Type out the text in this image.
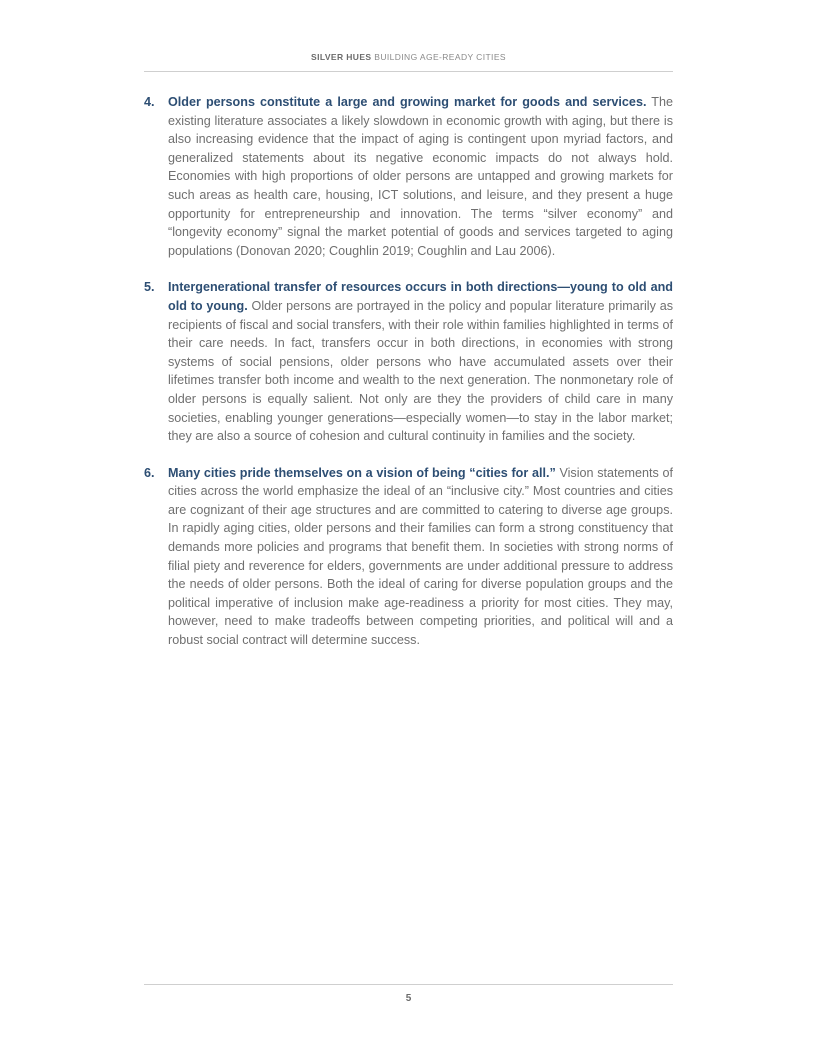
SILVER HUES BUILDING AGE-READY CITIES
4. Older persons constitute a large and growing market for goods and services. The existing literature associates a likely slowdown in economic growth with aging, but there is also increasing evidence that the impact of aging is contingent upon myriad factors, and generalized statements about its negative economic impacts do not always hold. Economies with high proportions of older persons are untapped and growing markets for such areas as health care, housing, ICT solutions, and leisure, and they present a huge opportunity for entrepreneurship and innovation. The terms “silver economy” and “longevity economy” signal the market potential of goods and services targeted to aging populations (Donovan 2020; Coughlin 2019; Coughlin and Lau 2006).
5. Intergenerational transfer of resources occurs in both directions—young to old and old to young. Older persons are portrayed in the policy and popular literature primarily as recipients of fiscal and social transfers, with their role within families highlighted in terms of their care needs. In fact, transfers occur in both directions, in economies with strong systems of social pensions, older persons who have accumulated assets over their lifetimes transfer both income and wealth to the next generation. The nonmonetary role of older persons is equally salient. Not only are they the providers of child care in many societies, enabling younger generations—especially women—to stay in the labor market; they are also a source of cohesion and cultural continuity in families and the society.
6. Many cities pride themselves on a vision of being “cities for all.” Vision statements of cities across the world emphasize the ideal of an “inclusive city.” Most countries and cities are cognizant of their age structures and are committed to catering to diverse age groups. In rapidly aging cities, older persons and their families can form a strong constituency that demands more policies and programs that benefit them. In societies with strong norms of filial piety and reverence for elders, governments are under additional pressure to address the needs of older persons. Both the ideal of caring for diverse population groups and the political imperative of inclusion make age-readiness a priority for most cities. They may, however, need to make tradeoffs between competing priorities, and political will and a robust social contract will determine success.
5
